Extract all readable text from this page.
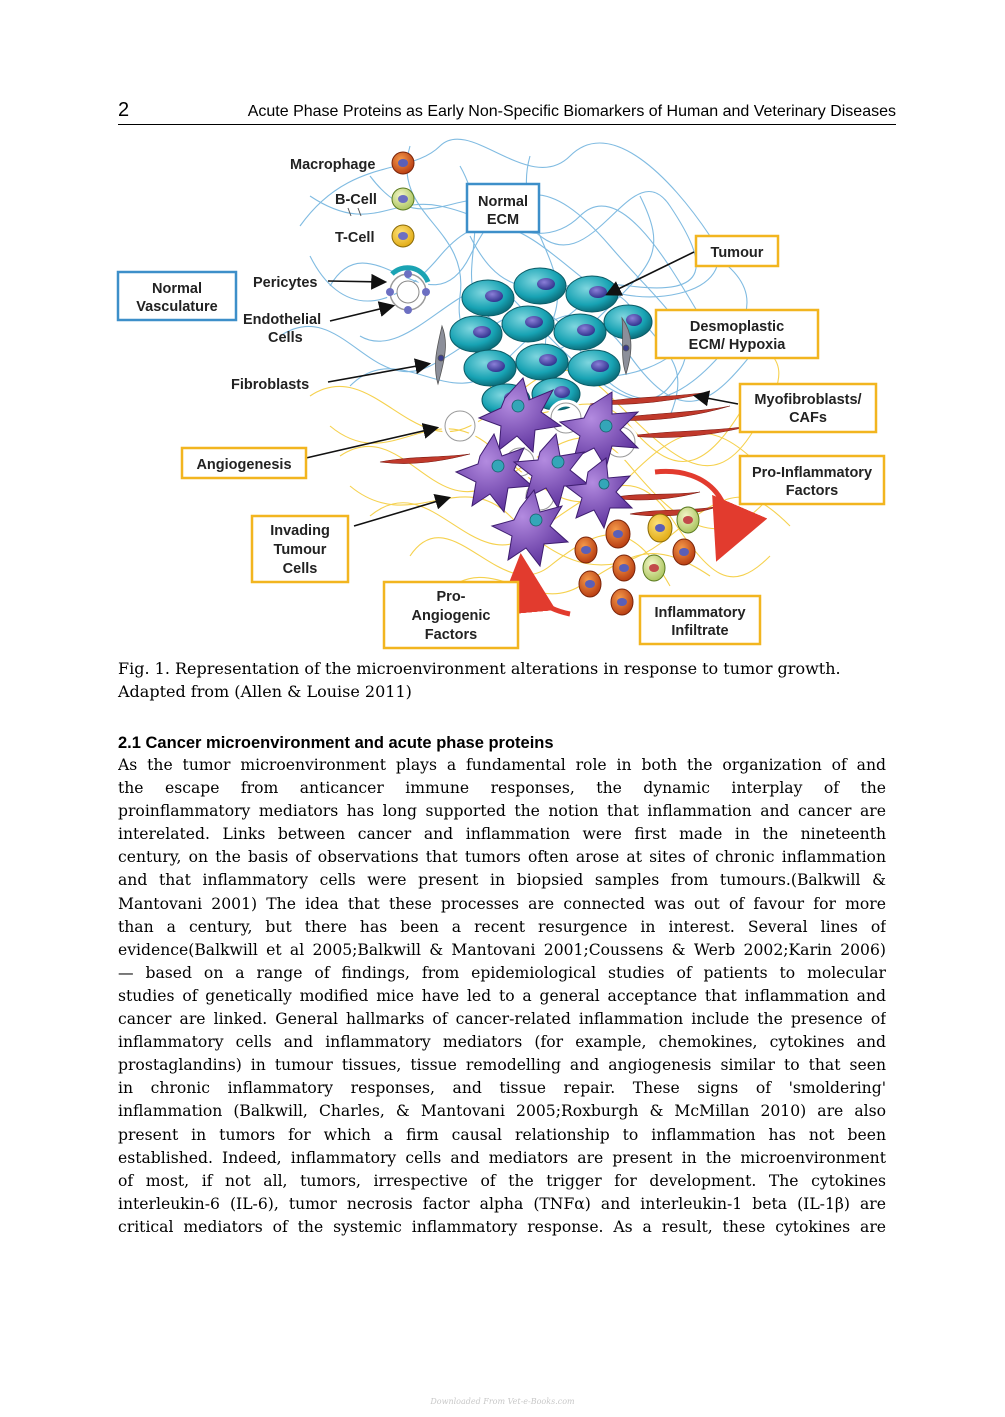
2	Acute Phase Proteins as Early Non-Specific Biomarkers of Human and Veterinary Diseases
Macrophage
B-Cell
T-Cell
Pericytes
Endothelial
Cells
Fibroblasts
Normal
ECM
Normal
Vasculature
Tumour
Desmoplastic
ECM/ Hypoxia
Myofibroblasts/
CAFs
Angiogenesis	Pro-Inflammatory
Factors
Invading
Tumour
Cells
Pro-
Angiogenic
Factors
Inflammatory
Infiltrate
Fig. 1. Representation of the microenvironment alterations in response to tumor growth.
Adapted from (Allen & Louise 2011)
2.1 Cancer microenvironment and acute phase proteins
As the tumor microenvironment plays a fundamental role in both the organization of and
the escape from anticancer immune responses, the dynamic interplay of the
proinflammatory mediators has long supported the notion that inflammation and cancer are
interelated. Links between cancer and inflammation were first made in the nineteenth
century, on the basis of observations that tumors often arose at sites of chronic inflammation
and that inflammatory cells were present in biopsied samples from tumours.(Balkwill &
Mantovani 2001) The idea that these processes are connected was out of favour for more
than a century, but there has been a recent resurgence in interest. Several lines of
evidence(Balkwill et al 2005;Balkwill & Mantovani 2001;Coussens & Werb 2002;Karin 2006)
— based on a range of findings, from epidemiological studies of patients to molecular
studies of genetically modified mice have led to a general acceptance that inflammation and
cancer are linked. General hallmarks of cancer-related inflammation include the presence of
inflammatory cells and inflammatory mediators (for example, chemokines, cytokines and
prostaglandins) in tumour tissues, tissue remodelling and angiogenesis similar to that seen
in chronic inflammatory responses, and tissue repair. These signs of 'smoldering'
inflammation (Balkwill, Charles, & Mantovani 2005;Roxburgh & McMillan 2010) are also
present in tumors for which a firm causal relationship to inflammation has not been
established. Indeed, inflammatory cells and mediators are present in the microenvironment
of most, if not all, tumors, irrespective of the trigger for development. The cytokines
interleukin-6 (IL-6), tumor necrosis factor alpha (TNFα) and interleukin-1 beta (IL-1β) are
critical mediators of the systemic inflammatory response. As a result, these cytokines are
Downloaded From Vet-e-Books.com
